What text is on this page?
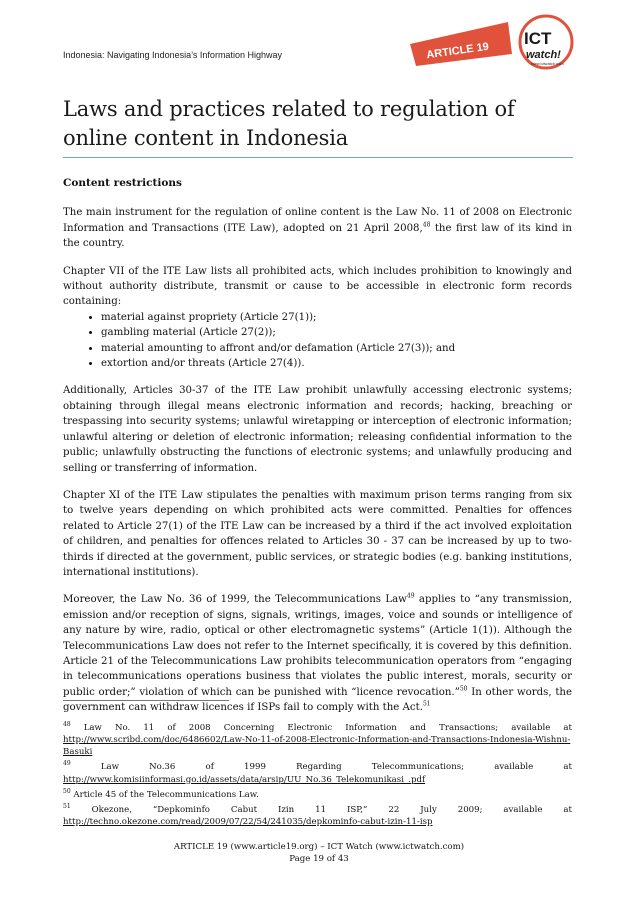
Indonesia: Navigating Indonesia’s Information Highway	ARTICLE 19
ICT
watch!
www.ictwatch.com
Laws and practices related to regulation of online content in Indonesia
Content restrictions

The main instrument for the regulation of online content is the Law No. 11 of 2008 on Electronic Information and Transactions (ITE Law), adopted on 21 April 2008,48 the first law of its kind in the country.

Chapter VII of the ITE Law lists all prohibited acts, which includes prohibition to knowingly and without authority distribute, transmit or cause to be accessible in electronic form records containing:

• material against propriety (Article 27(1));
• gambling material (Article 27(2));
• material amounting to affront and/or defamation (Article 27(3)); and
• extortion and/or threats (Article 27(4)).

Additionally, Articles 30-37 of the ITE Law prohibit unlawfully accessing electronic systems; obtaining through illegal means electronic information and records; hacking, breaching or trespassing into security systems; unlawful wiretapping or interception of electronic information; unlawful altering or deletion of electronic information; releasing confidential information to the public; unlawfully obstructing the functions of electronic systems; and unlawfully producing and selling or transferring of information.

Chapter XI of the ITE Law stipulates the penalties with maximum prison terms ranging from six to twelve years depending on which prohibited acts were committed. Penalties for offences related to Article 27(1) of the ITE Law can be increased by a third if the act involved exploitation of children, and penalties for offences related to Articles 30 - 37 can be increased by up to two-thirds if directed at the government, public services, or strategic bodies (e.g. banking institutions, international institutions).

Moreover, the Law No. 36 of 1999, the Telecommunications Law$^{49}$ applies to “any transmission, emission and/or reception of signs, signals, writings, images, voice and sounds or intelligence of any nature by wire, radio, optical or other electromagnetic systems” (Article 1(1)). Although the Telecommunications Law does not refer to the Internet specifically, it is covered by this definition. Article 21 of the Telecommunications Law prohibits telecommunication operators from “engaging in telecommunications operations business that violates the public interest, morals, security or public order;” violation of which can be punished with “licence revocation.”$^{50}$ In other words, the government can withdraw licences if ISPs fail to comply with the Act.$^{51}$

$^{48}$ Law No. 11 of 2008 Concerning Electronic Information and Transactions; available at
http://www.scribd.com/doc/6486602/Law-No-11-of-2008-Electronic-Information-and-Transactions-Indonesia-Wishnu-Basuki
$^{49}$	Law No.36 of 1999 Regarding Telecommunications; available at
http://www.komisiinformasi.go.id/assets/data/arsip/UU_No.36_Telekomunikasi_.pdf
$^{50}$ Article 45 of the Telecommunications Law.
$^{51}$ Okezone, “Depkominfo Cabut Izin 11 ISP,” 22 July 2009; available at
http://techno.okezone.com/read/2009/07/22/54/241035/depkominfo-cabut-izin-11-isp
ARTICLE 19 (www.article19.org) – ICT Watch (www.ictwatch.com)
Page 19 of 43
